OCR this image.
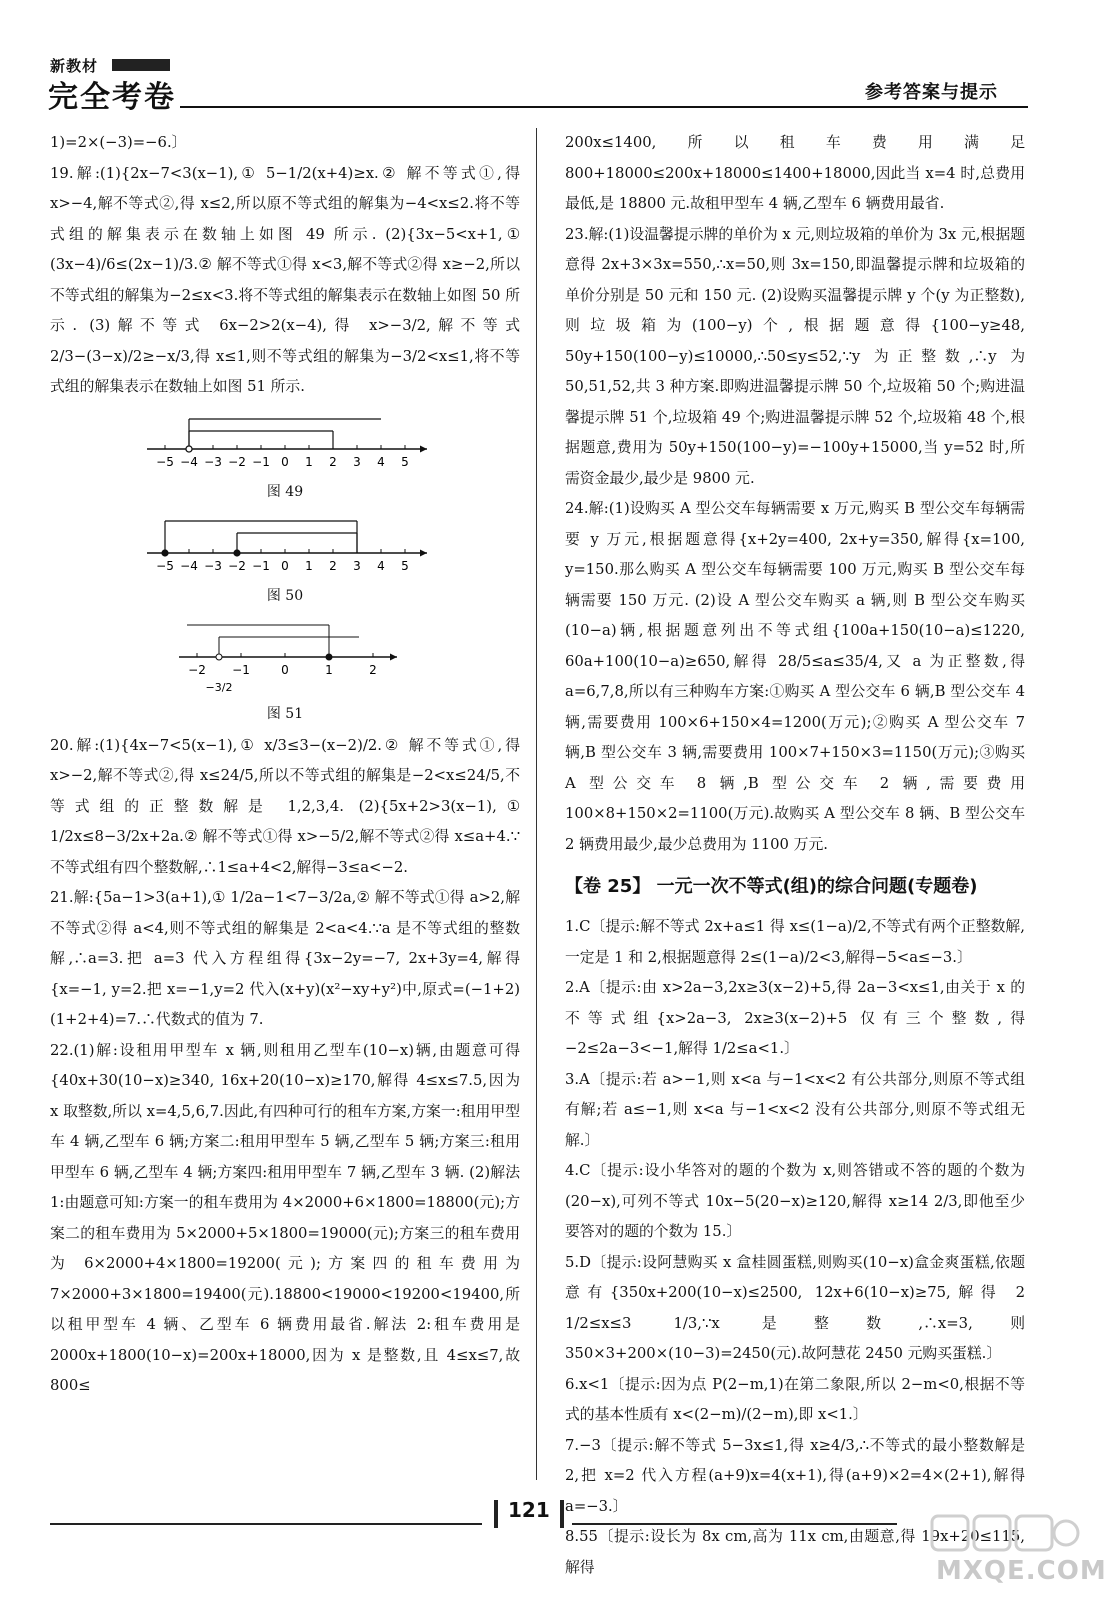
新教材
完全考卷	参考答案与提示

1)=2×(−3)=−6.〕

19.解:(1){2x−7<3(x−1),① 5−1/2(x+4)≥x.② 解不等式①,得 x>−4,解不等式②,得 x≤2,所以原不等式组的解集为−4<x≤2.将不等式组的解集表示在数轴上如图 49 所示. (2){3x−5<x+1,① (3x−4)/6≤(2x−1)/3.② 解不等式①得 x<3,解不等式②得 x≥−2,所以不等式组的解集为−2≤x<3.将不等式组的解集表示在数轴上如图 50 所示. (3)解不等式 6x−2>2(x−4),得 x>−3/2,解不等式 2/3−(3−x)/2≥−x/3,得 x≤1,则不等式组的解集为−3/2<x≤1,将不等式组的解集表示在数轴上如图 51 所示.

−5 −4 −3 −2 −1 0 1 2 3 4 5
图 49
−5 −4 −3 −2 −1 0 1 2 3 4 5
图 50
−2 −1	0	1	2
−3/2
图 51

20.解:(1){4x−7<5(x−1),① x/3≤3−(x−2)/2.② 解不等式①,得 x>−2,解不等式②,得 x≤24/5,所以不等式组的解集是−2<x≤24/5,不等式组的正整数解是 1,2,3,4. (2){5x+2>3(x−1),① 1/2x≤8−3/2x+2a.② 解不等式①得 x>−5/2,解不等式②得 x≤a+4.∵不等式组有四个整数解,∴1≤a+4<2,解得−3≤a<−2.

21.解:{5a−1>3(a+1),① 1/2a−1<7−3/2a,② 解不等式①得 a>2,解不等式②得 a<4,则不等式组的解集是 2<a<4.∵a 是不等式组的整数解,∴a=3.把 a=3 代入方程组得{3x−2y=−7, 2x+3y=4,解得{x=−1, y=2.把 x=−1,y=2 代入(x+y)(x²−xy+y²)中,原式=(−1+2)(1+2+4)=7.∴代数式的值为 7.

22.(1)解:设租用甲型车 x 辆,则租用乙型车(10−x)辆,由题意可得{40x+30(10−x)≥340, 16x+20(10−x)≥170,解得 4≤x≤7.5,因为 x 取整数,所以 x=4,5,6,7.因此,有四种可行的租车方案,方案一:租用甲型车 4 辆,乙型车 6 辆;方案二:租用甲型车 5 辆,乙型车 5 辆;方案三:租用甲型车 6 辆,乙型车 4 辆;方案四:租用甲型车 7 辆,乙型车 3 辆. (2)解法 1:由题意可知:方案一的租车费用为 4×2000+6×1800=18800(元);方案二的租车费用为 5×2000+5×1800=19000(元);方案三的租车费用为 6×2000+4×1800=19200(元);方案四的租车费用为 7×2000+3×1800=19400(元).18800<19000<19200<19400,所以租甲型车 4 辆、乙型车 6 辆费用最省.解法 2:租车费用是 2000x+1800(10−x)=200x+18000,因为 x 是整数,且 4≤x≤7,故 800≤

200x≤1400,所以租车费用满足 800+18000≤200x+18000≤1400+18000,因此当 x=4 时,总费用最低,是 18800 元.故租甲型车 4 辆,乙型车 6 辆费用最省.

23.解:(1)设温馨提示牌的单价为 x 元,则垃圾箱的单价为 3x 元,根据题意得 2x+3×3x=550,∴x=50,则 3x=150,即温馨提示牌和垃圾箱的单价分别是 50 元和 150 元. (2)设购买温馨提示牌 y 个(y 为正整数),则垃圾箱为(100−y)个,根据题意得{100−y≥48, 50y+150(100−y)≤10000,∴50≤y≤52,∵y 为正整数,∴y 为 50,51,52,共 3 种方案.即购进温馨提示牌 50 个,垃圾箱 50 个;购进温馨提示牌 51 个,垃圾箱 49 个;购进温馨提示牌 52 个,垃圾箱 48 个,根据题意,费用为 50y+150(100−y)=−100y+15000,当 y=52 时,所需资金最少,最少是 9800 元.

24.解:(1)设购买 A 型公交车每辆需要 x 万元,购买 B 型公交车每辆需要 y 万元,根据题意得{x+2y=400, 2x+y=350,解得{x=100, y=150.那么购买 A 型公交车每辆需要 100 万元,购买 B 型公交车每辆需要 150 万元. (2)设 A 型公交车购买 a 辆,则 B 型公交车购买(10−a)辆,根据题意列出不等式组{100a+150(10−a)≤1220, 60a+100(10−a)≥650,解得 28/5≤a≤35/4,又 a 为正整数,得 a=6,7,8,所以有三种购车方案:①购买 A 型公交车 6 辆,B 型公交车 4 辆,需要费用 100×6+150×4=1200(万元);②购买 A 型公交车 7 辆,B 型公交车 3 辆,需要费用 100×7+150×3=1150(万元);③购买 A 型公交车 8 辆,B 型公交车 2 辆,需要费用 100×8+150×2=1100(万元).故购买 A 型公交车 8 辆、B 型公交车 2 辆费用最少,最少总费用为 1100 万元.

【卷 25】 一元一次不等式(组)的综合问题(专题卷)

1.C〔提示:解不等式 2x+a≤1 得 x≤(1−a)/2,不等式有两个正整数解,一定是 1 和 2,根据题意得 2≤(1−a)/2<3,解得−5<a≤−3.〕

2.A〔提示:由 x>2a−3,2x≥3(x−2)+5,得 2a−3<x≤1,由关于 x 的不等式组{x>2a−3, 2x≥3(x−2)+5 仅有三个整数,得−2≤2a−3<−1,解得 1/2≤a<1.〕

3.A〔提示:若 a>−1,则 x<a 与−1<x<2 有公共部分,则原不等式组有解;若 a≤−1,则 x<a 与−1<x<2 没有公共部分,则原不等式组无解.〕

4.C〔提示:设小华答对的题的个数为 x,则答错或不答的题的个数为(20−x),可列不等式 10x−5(20−x)≥120,解得 x≥14 2/3,即他至少要答对的题的个数为 15.〕

5.D〔提示:设阿慧购买 x 盒桂圆蛋糕,则购买(10−x)盒金爽蛋糕,依题意有{350x+200(10−x)≤2500, 12x+6(10−x)≥75,解得 2 1/2≤x≤3 1/3,∵x 是整数,∴x=3,则 350×3+200×(10−3)=2450(元).故阿慧花 2450 元购买蛋糕.〕

6.x<1〔提示:因为点 P(2−m,1)在第二象限,所以 2−m<0,根据不等式的基本性质有 x<(2−m)/(2−m),即 x<1.〕

7.−3〔提示:解不等式 5−3x≤1,得 x≥4/3,∴不等式的最小整数解是 2,把 x=2 代入方程(a+9)x=4(x+1),得(a+9)×2=4×(2+1),解得 a=−3.〕

8.55〔提示:设长为 8x cm,高为 11x cm,由题意,得 19x+20≤115,解得

121
MXQE.COM
